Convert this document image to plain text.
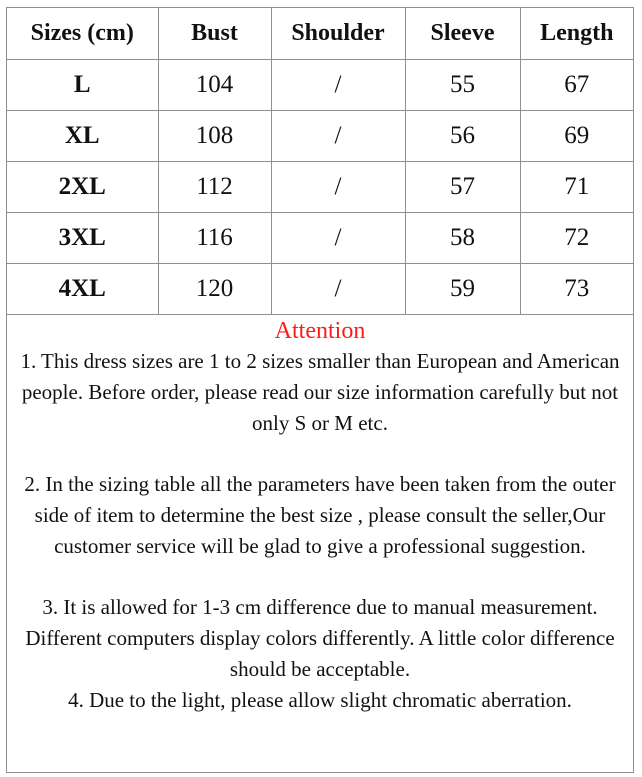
Sizes (cm)	Bust	Shoulder	Sleeve	Length
L	104	/	55	67
XL	108	/	56	69
2XL	112	/	57	71
3XL	116	/	58	72
4XL	120	/	59	73

Attention

1. This dress sizes are 1 to 2 sizes smaller than European and American people. Before order, please read our size information carefully but not only S or M etc.

2. In the sizing table all the parameters have been taken from the outer side of item to determine the best size , please consult the seller,Our customer service will be glad to give a professional suggestion.

3. It is allowed for 1-3 cm difference due to manual measurement. Different computers display colors differently. A little color difference should be acceptable.

4. Due to the light, please allow slight chromatic aberration.
